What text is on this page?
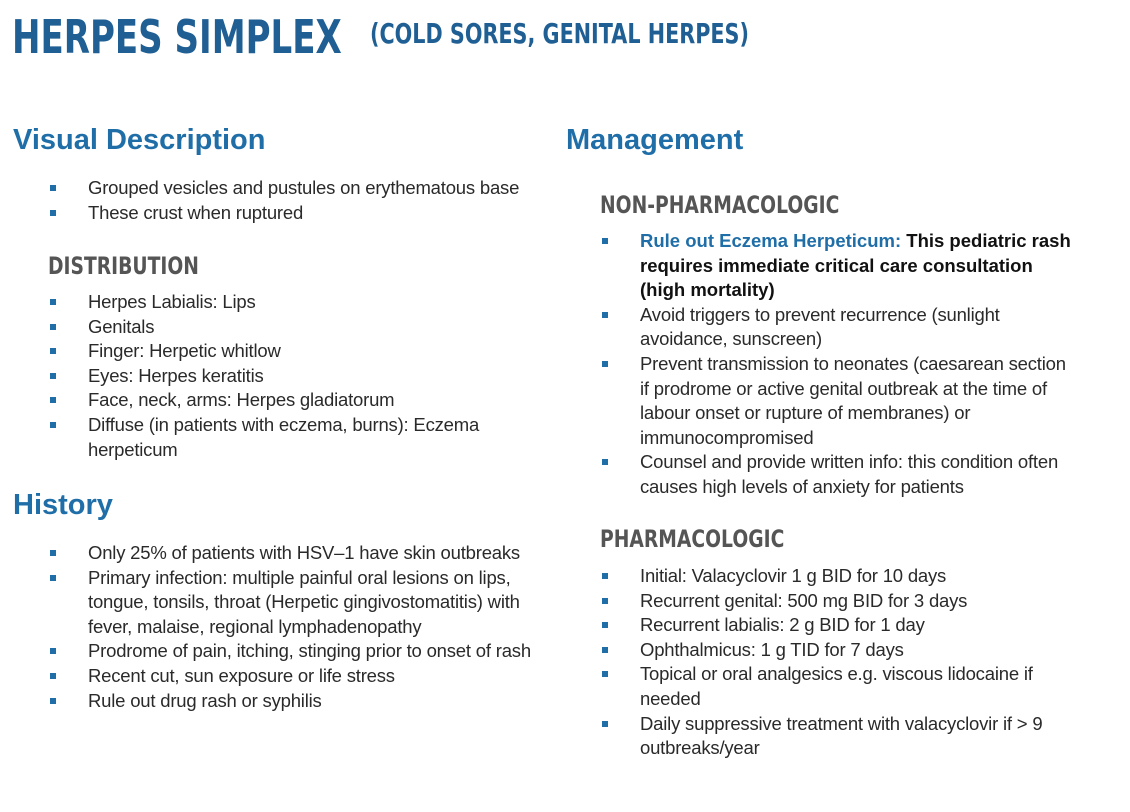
HERPES SIMPLEX	(COLD SORES, GENITAL HERPES)
Visual Description
Grouped vesicles and pustules on erythematous base
These crust when ruptured
DISTRIBUTION
Herpes Labialis: Lips
Genitals
Finger: Herpetic whitlow
Eyes: Herpes keratitis
Face, neck, arms: Herpes gladiatorum
Diffuse (in patients with eczema, burns): Eczema herpeticum
History
Only 25% of patients with HSV–1 have skin outbreaks
Primary infection: multiple painful oral lesions on lips, tongue, tonsils, throat (Herpetic gingivostomatitis) with fever, malaise, regional lymphadenopathy
Prodrome of pain, itching, stinging prior to onset of rash
Recent cut, sun exposure or life stress
Rule out drug rash or syphilis
Management
NON-PHARMACOLOGIC
Rule out Eczema Herpeticum: This pediatric rash requires immediate critical care consultation (high mortality)
Avoid triggers to prevent recurrence (sunlight avoidance, sunscreen)
Prevent transmission to neonates (caesarean section if prodrome or active genital outbreak at the time of labour onset or rupture of membranes) or immunocompromised
Counsel and provide written info: this condition often causes high levels of anxiety for patients
PHARMACOLOGIC
Initial: Valacyclovir 1 g BID for 10 days
Recurrent genital: 500 mg BID for 3 days
Recurrent labialis: 2 g BID for 1 day
Ophthalmicus: 1 g TID for 7 days
Topical or oral analgesics e.g. viscous lidocaine if needed
Daily suppressive treatment with valacyclovir if > 9 outbreaks/year
